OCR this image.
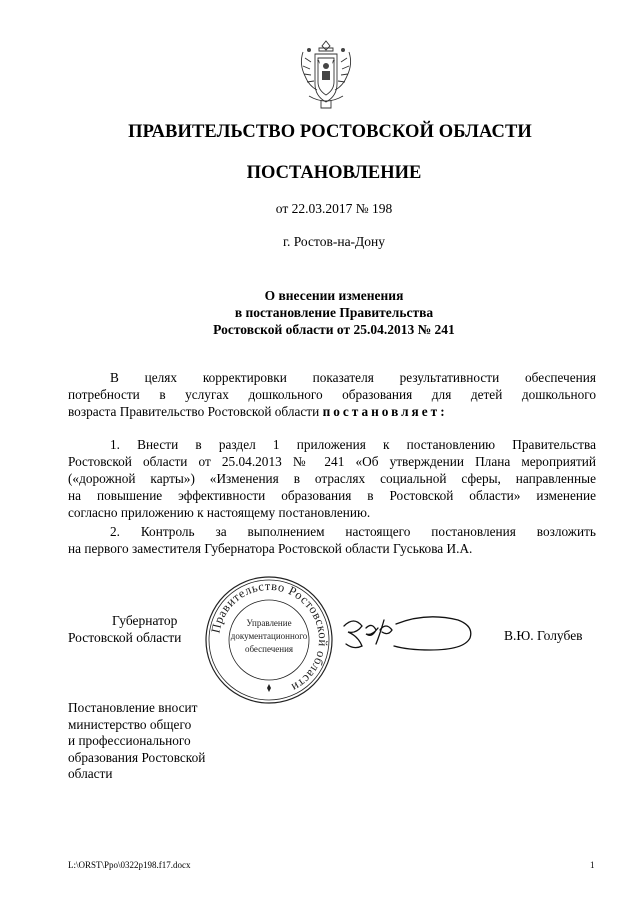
ПРАВИТЕЛЬСТВО РОСТОВСКОЙ ОБЛАСТИ
ПОСТАНОВЛЕНИЕ
от 22.03.2017 № 198
г. Ростов-на-Дону
О внесении изменения
в постановление Правительства
Ростовской области от 25.04.2013 № 241
В целях корректировки показателя результативности обеспечения
потребности в услугах дошкольного образования для детей дошкольного
возраста Правительство Ростовской области постановляет:
1. Внести в раздел 1 приложения к постановлению Правительства
Ростовской области от 25.04.2013 № 241 «Об утверждении Плана мероприятий
(«дорожной карты») «Изменения в отраслях социальной сферы, направленные
на повышение эффективности образования в Ростовской области» изменение
согласно приложению к настоящему постановлению.
2. Контроль за выполнением настоящего постановления возложить
на первого заместителя Губернатора Ростовской области Гуськова И.А.
Губернатор
Ростовской области
Правительство Ростовской области
Управление
документационного
обеспечения
В.Ю. Голубев
Постановление вносит
министерство общего
и профессионального
образования Ростовской
области
L:\ORST\Ppo\0322p198.f17.docx	1
